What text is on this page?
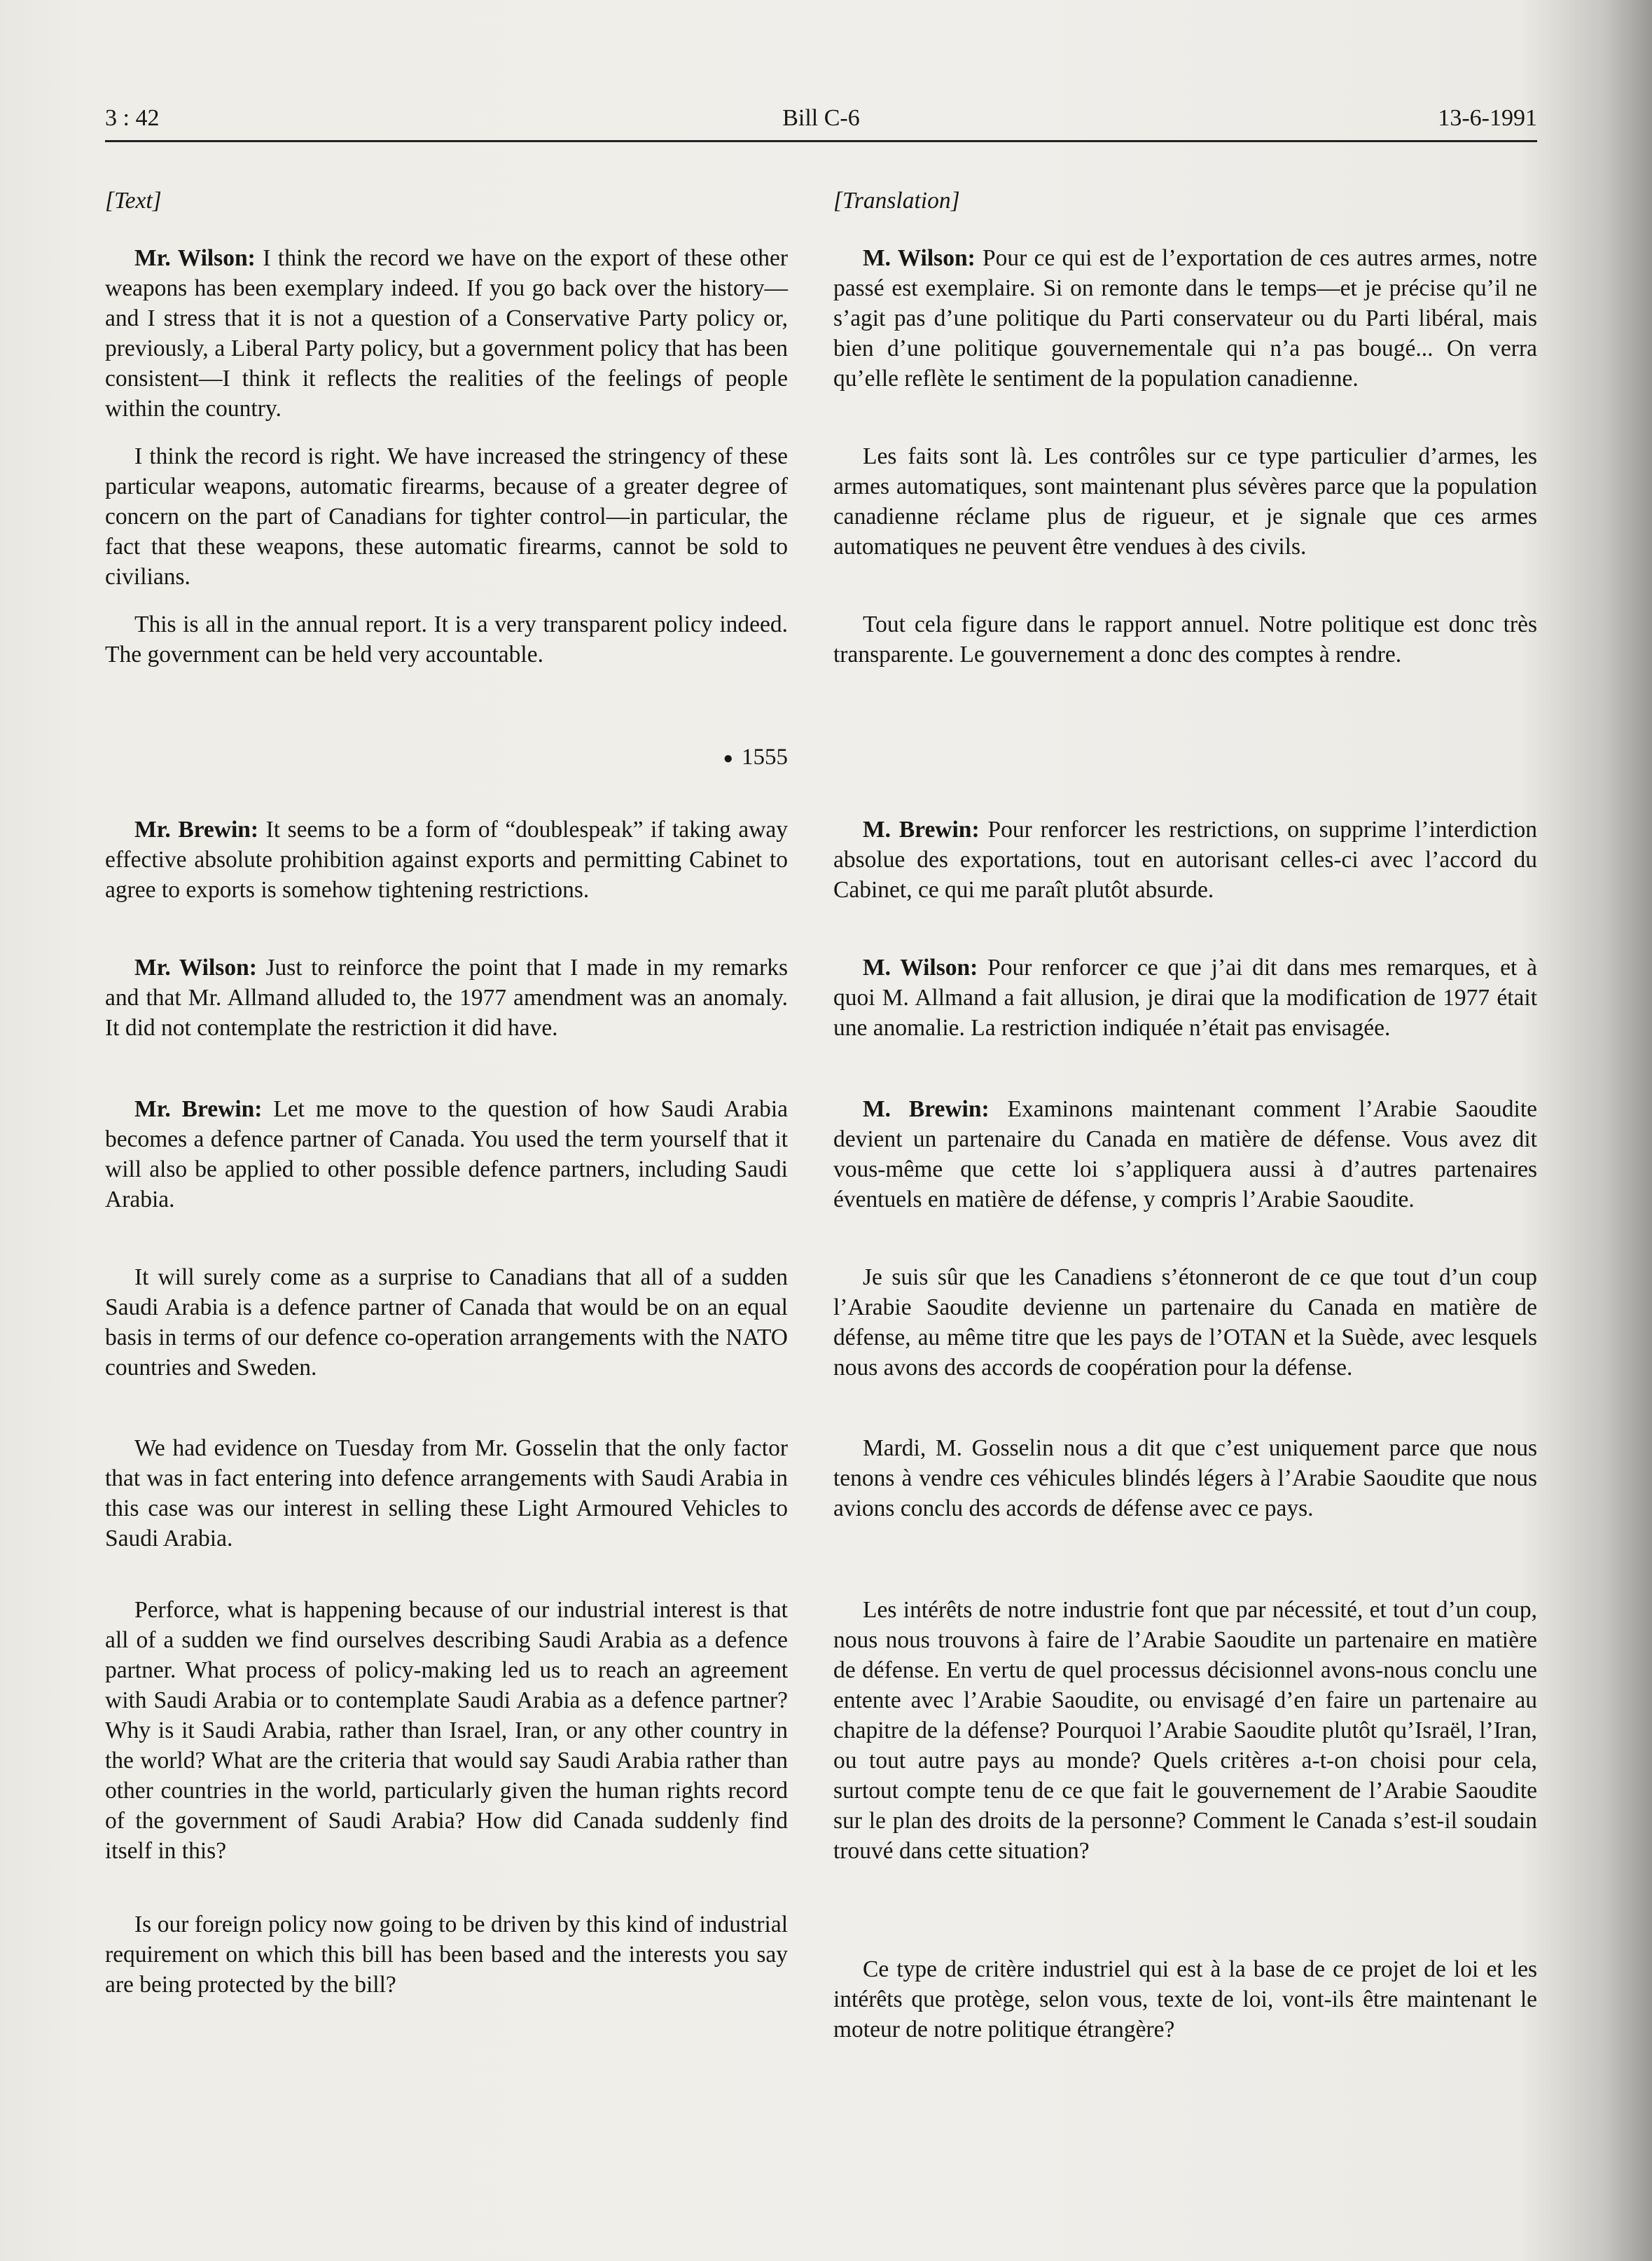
3 : 42	Bill C-6	13-6-1991

[Text]

Mr. Wilson: I think the record we have on the export of these other weapons has been exemplary indeed. If you go back over the history—and I stress that it is not a question of a Conservative Party policy or, previously, a Liberal Party policy, but a government policy that has been consistent—I think it reflects the realities of the feelings of people within the country.

I think the record is right. We have increased the stringency of these particular weapons, automatic firearms, because of a greater degree of concern on the part of Canadians for tighter control—in particular, the fact that these weapons, these automatic firearms, cannot be sold to civilians.

This is all in the annual report. It is a very transparent policy indeed. The government can be held very accountable.

● 1555

Mr. Brewin: It seems to be a form of “doublespeak” if taking away effective absolute prohibition against exports and permitting Cabinet to agree to exports is somehow tightening restrictions.

Mr. Wilson: Just to reinforce the point that I made in my remarks and that Mr. Allmand alluded to, the 1977 amendment was an anomaly. It did not contemplate the restriction it did have.

Mr. Brewin: Let me move to the question of how Saudi Arabia becomes a defence partner of Canada. You used the term yourself that it will also be applied to other possible defence partners, including Saudi Arabia.

It will surely come as a surprise to Canadians that all of a sudden Saudi Arabia is a defence partner of Canada that would be on an equal basis in terms of our defence co-operation arrangements with the NATO countries and Sweden.

We had evidence on Tuesday from Mr. Gosselin that the only factor that was in fact entering into defence arrangements with Saudi Arabia in this case was our interest in selling these Light Armoured Vehicles to Saudi Arabia.

Perforce, what is happening because of our industrial interest is that all of a sudden we find ourselves describing Saudi Arabia as a defence partner. What process of policy-making led us to reach an agreement with Saudi Arabia or to contemplate Saudi Arabia as a defence partner? Why is it Saudi Arabia, rather than Israel, Iran, or any other country in the world? What are the criteria that would say Saudi Arabia rather than other countries in the world, particularly given the human rights record of the government of Saudi Arabia? How did Canada suddenly find itself in this?

Is our foreign policy now going to be driven by this kind of industrial requirement on which this bill has been based and the interests you say are being protected by the bill?

[Translation]

M. Wilson: Pour ce qui est de l’exportation de ces autres armes, notre passé est exemplaire. Si on remonte dans le temps—et je précise qu’il ne s’agit pas d’une politique du Parti conservateur ou du Parti libéral, mais bien d’une politique gouvernementale qui n’a pas bougé... On verra qu’elle reflète le sentiment de la population canadienne.

Les faits sont là. Les contrôles sur ce type particulier d’armes, les armes automatiques, sont maintenant plus sévères parce que la population canadienne réclame plus de rigueur, et je signale que ces armes automatiques ne peuvent être vendues à des civils.

Tout cela figure dans le rapport annuel. Notre politique est donc très transparente. Le gouvernement a donc des comptes à rendre.

M. Brewin: Pour renforcer les restrictions, on supprime l’interdiction absolue des exportations, tout en autorisant celles-ci avec l’accord du Cabinet, ce qui me paraît plutôt absurde.

M. Wilson: Pour renforcer ce que j’ai dit dans mes remarques, et à quoi M. Allmand a fait allusion, je dirai que la modification de 1977 était une anomalie. La restriction indiquée n’était pas envisagée.

M. Brewin: Examinons maintenant comment l’Arabie Saoudite devient un partenaire du Canada en matière de défense. Vous avez dit vous-même que cette loi s’appliquera aussi à d’autres partenaires éventuels en matière de défense, y compris l’Arabie Saoudite.

Je suis sûr que les Canadiens s’étonneront de ce que tout d’un coup l’Arabie Saoudite devienne un partenaire du Canada en matière de défense, au même titre que les pays de l’OTAN et la Suède, avec lesquels nous avons des accords de coopération pour la défense.

Mardi, M. Gosselin nous a dit que c’est uniquement parce que nous tenons à vendre ces véhicules blindés légers à l’Arabie Saoudite que nous avions conclu des accords de défense avec ce pays.

Les intérêts de notre industrie font que par nécessité, et tout d’un coup, nous nous trouvons à faire de l’Arabie Saoudite un partenaire en matière de défense. En vertu de quel processus décisionnel avons-nous conclu une entente avec l’Arabie Saoudite, ou envisagé d’en faire un partenaire au chapitre de la défense? Pourquoi l’Arabie Saoudite plutôt qu’Israël, l’Iran, ou tout autre pays au monde? Quels critères a-t-on choisi pour cela, surtout compte tenu de ce que fait le gouvernement de l’Arabie Saoudite sur le plan des droits de la personne? Comment le Canada s’est-il soudain trouvé dans cette situation?

Ce type de critère industriel qui est à la base de ce projet de loi et les intérêts que protège, selon vous, texte de loi, vont-ils être maintenant le moteur de notre politique étrangère?
